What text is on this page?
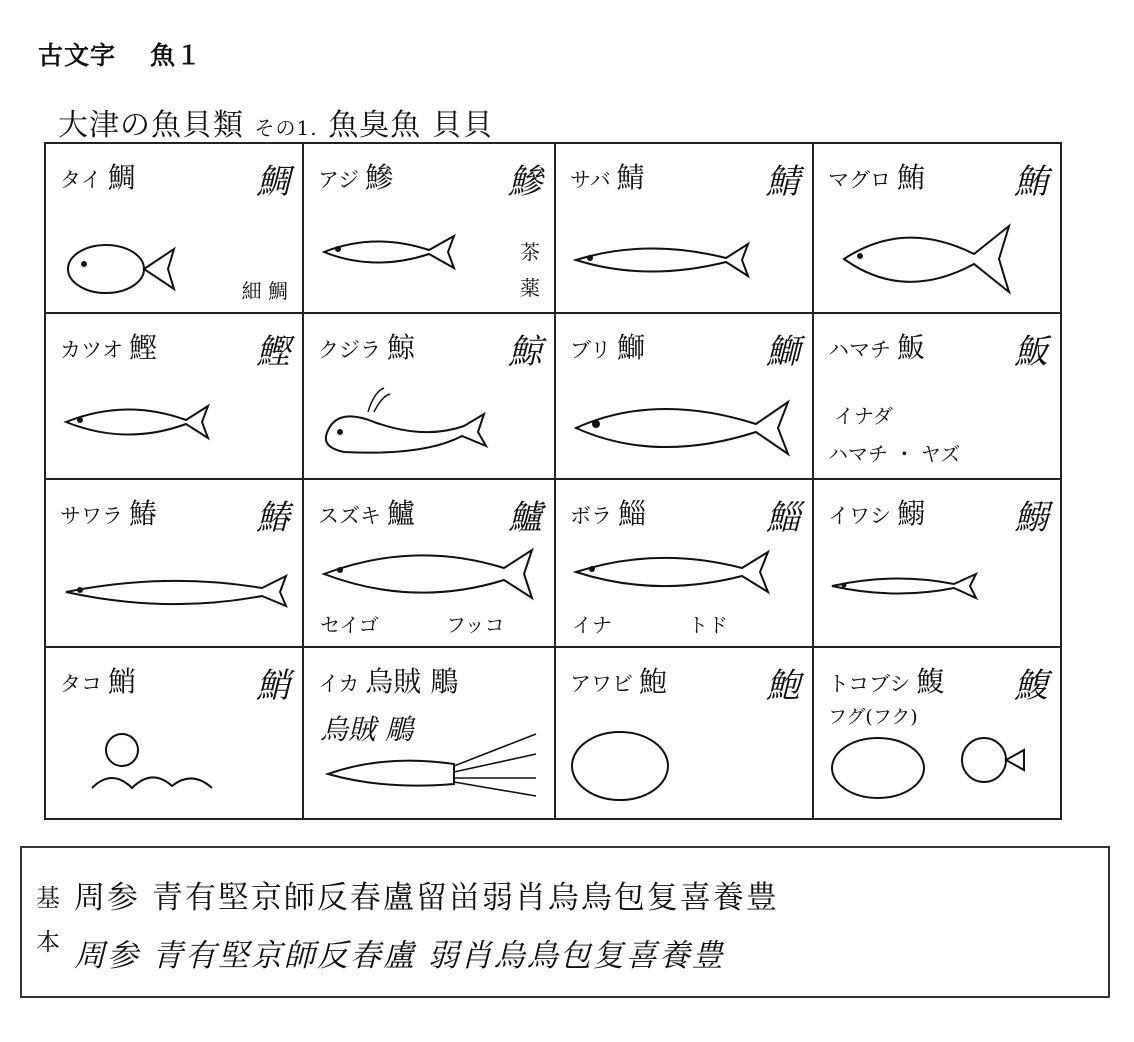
古文字 魚１
大津の魚貝類 その1. 魚臭魚 貝貝
タイ 鯛	鯛
細 鯛
アジ 鰺	鰺
茶
薬
サバ 鯖	鯖 マグロ 鮪	鮪
カツオ 鰹	鰹 クジラ 鯨	鯨 ブリ 鰤	鰤 ハマチ 魬	魬
イナダ
ハマチ ・ ヤズ
サワラ 鰆	鰆 スズキ 鱸	鱸
セイゴ	フッコ
ボラ 鯔	鯔
イナ	トド
イワシ 鰯	鰯
タコ 鮹	鮹 イカ 烏賊 鵰
烏賊 鵰
アワビ 鮑	鮑 トコブシ 鰒 鰒
フグ(フク)
基
本
周参 青有堅京師反春盧留畄弱肖烏鳥包复喜養豊
周参 青有堅京師反春盧 弱肖烏鳥包复喜養豊
